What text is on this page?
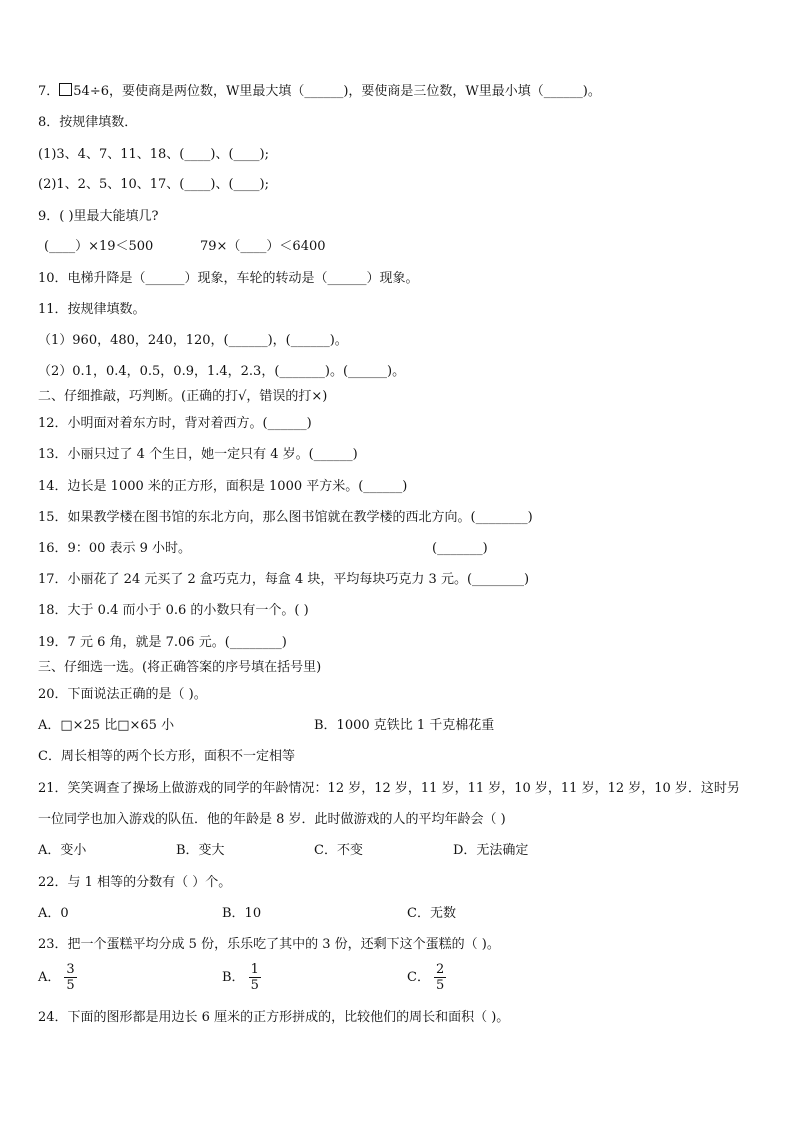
7． 54÷6，要使商是两位数，W里最大填（______)，要使商是三位数，W里最小填（______)。
8．按规律填数．
(1)3、4、7、11、18、(____)、(____);
(2)1、2、5、10、17、(____)、(____);
9．( )里最大能填几?
(____）×19＜500	79×（____）＜6400
10．电梯升降是（______）现象，车轮的转动是（______）现象。
11．按规律填数。
（1）960，480，240，120，(______)，(______)。
（2）0.1，0.4，0.5，0.9，1.4，2.3，(_______)。(______)。
二、仔细推敲，巧判断。(正确的打√，错误的打×)
12．小明面对着东方时，背对着西方。(______)
13．小丽只过了 4 个生日，她一定只有 4 岁。(______)
14．边长是 1000 米的正方形，面积是 1000 平方米。(______)
15．如果教学楼在图书馆的东北方向，那么图书馆就在教学楼的西北方向。(________)
16．9：00 表示 9 小时。	(_______)
17．小丽花了 24 元买了 2 盒巧克力，每盒 4 块，平均每块巧克力 3 元。(________)
18．大于 0.4 而小于 0.6 的小数只有一个。( )
19．7 元 6 角，就是 7.06 元。(________)
三、仔细选一选。(将正确答案的序号填在括号里)
20．下面说法正确的是（ )。
A．□×25 比□×65 小	B．1000 克铁比 1 千克棉花重
C．周长相等的两个长方形，面积不一定相等
21．笑笑调查了操场上做游戏的同学的年龄情况：12 岁，12 岁，11 岁，11 岁，10 岁，11 岁，12 岁，10 岁．这时另
一位同学也加入游戏的队伍．他的年龄是 8 岁．此时做游戏的人的平均年龄会（ )
A．变小	B．变大	C．不变	D．无法确定
22．与 1 相等的分数有（ ）个。
A．0	B．10	C．无数
23．把一个蛋糕平均分成 5 份，乐乐吃了其中的 3 份，还剩下这个蛋糕的（ )。
A． $\frac{3}{5}$	B． $\frac{1}{5}$	C． $\frac{2}{5}$
24．下面的图形都是用边长 6 厘米的正方形拼成的，比较他们的周长和面积（ )。
